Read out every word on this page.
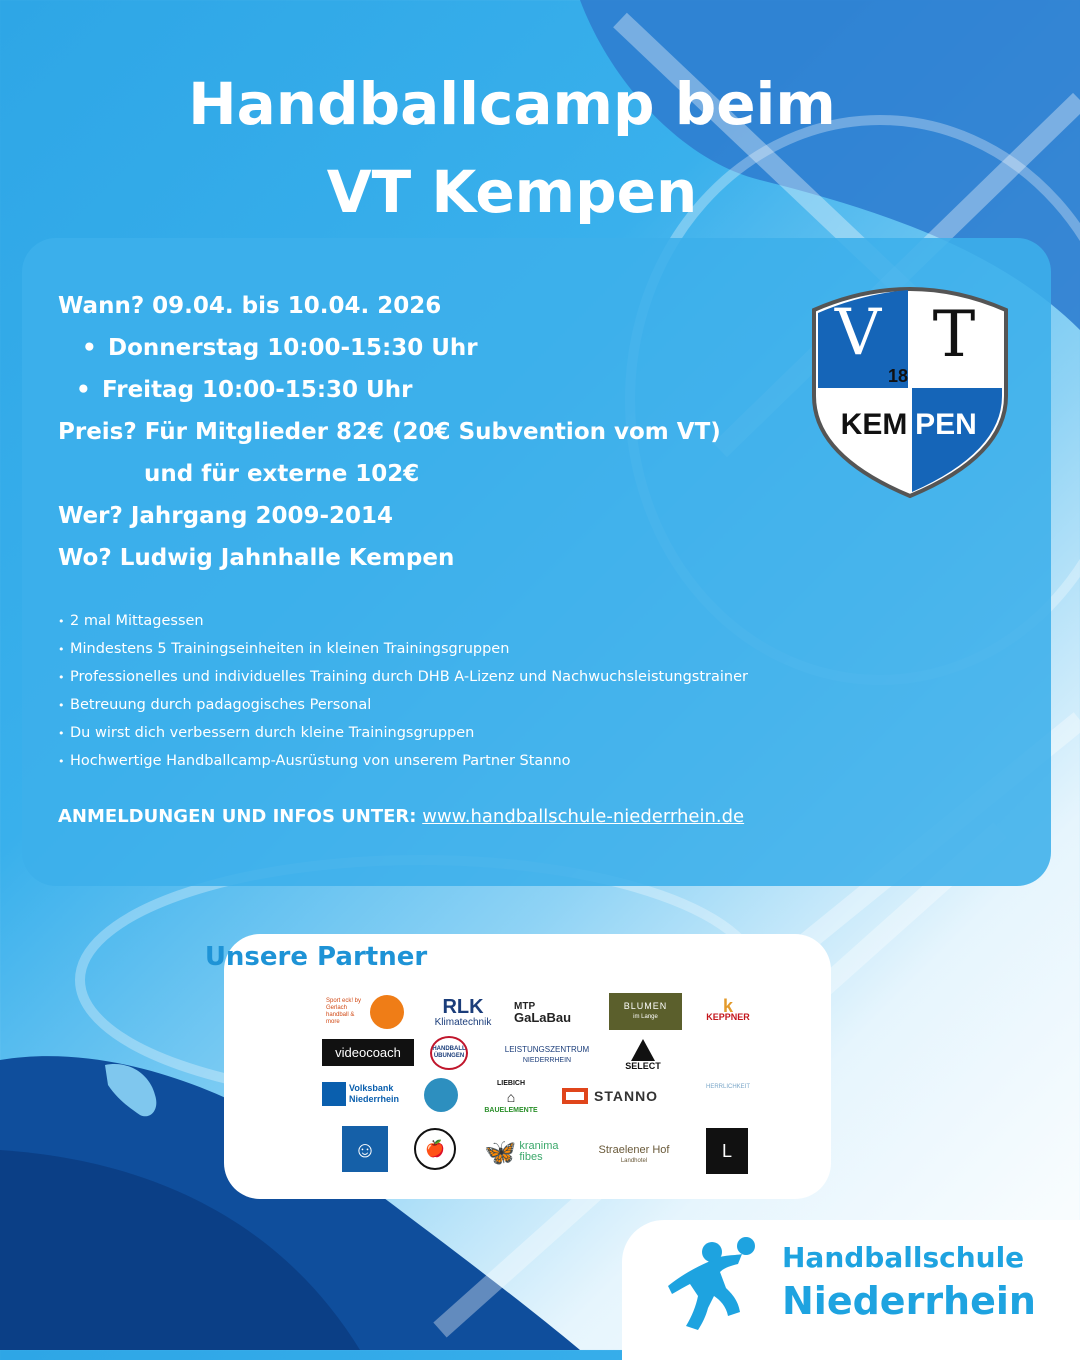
Handballcamp beim
VT Kempen
Wann? 09.04. bis 10.04. 2026
• Donnerstag 10:00-15:30 Uhr
• Freitag 10:00-15:30 Uhr
Preis? Für Mitglieder 82€ (20€ Subvention vom VT)
und für externe 102€
Wer? Jahrgang 2009-2014
Wo? Ludwig Jahnhalle Kempen
• 2 mal Mittagessen
• Mindestens 5 Trainingseinheiten in kleinen Trainingsgruppen
• Professionelles und individuelles Training durch DHB A-Lizenz und Nachwuchsleistungstrainer
• Betreuung durch padagogisches Personal
• Du wirst dich verbessern durch kleine Trainingsgruppen
• Hochwertige Handballcamp-Ausrüstung von unserem Partner Stanno
ANMELDUNGEN UND INFOS UNTER: www.handballschule-niederrhein.de
V T
18 59
KEM PEN
Unsere Partner
Sport eck! by Gerlach handball & more
RLK
Klimatechnik
MTP
GaLaBau
BLUMEN
im Lange
k
KEPPNER
videocoach	HANDBALL ÜBUNGEN
LEISTUNGSZENTRUM
NIEDERRHEIN	SELECT
Volksbank
Niederrhein
LIEBICH
⌂
BAUELEMENTE
STANNO
HERRLICHKEIT
☺	🍎	🦋 kranima
fibes
Straelener Hof
Landhotel
L
Handballschule
Niederrhein
